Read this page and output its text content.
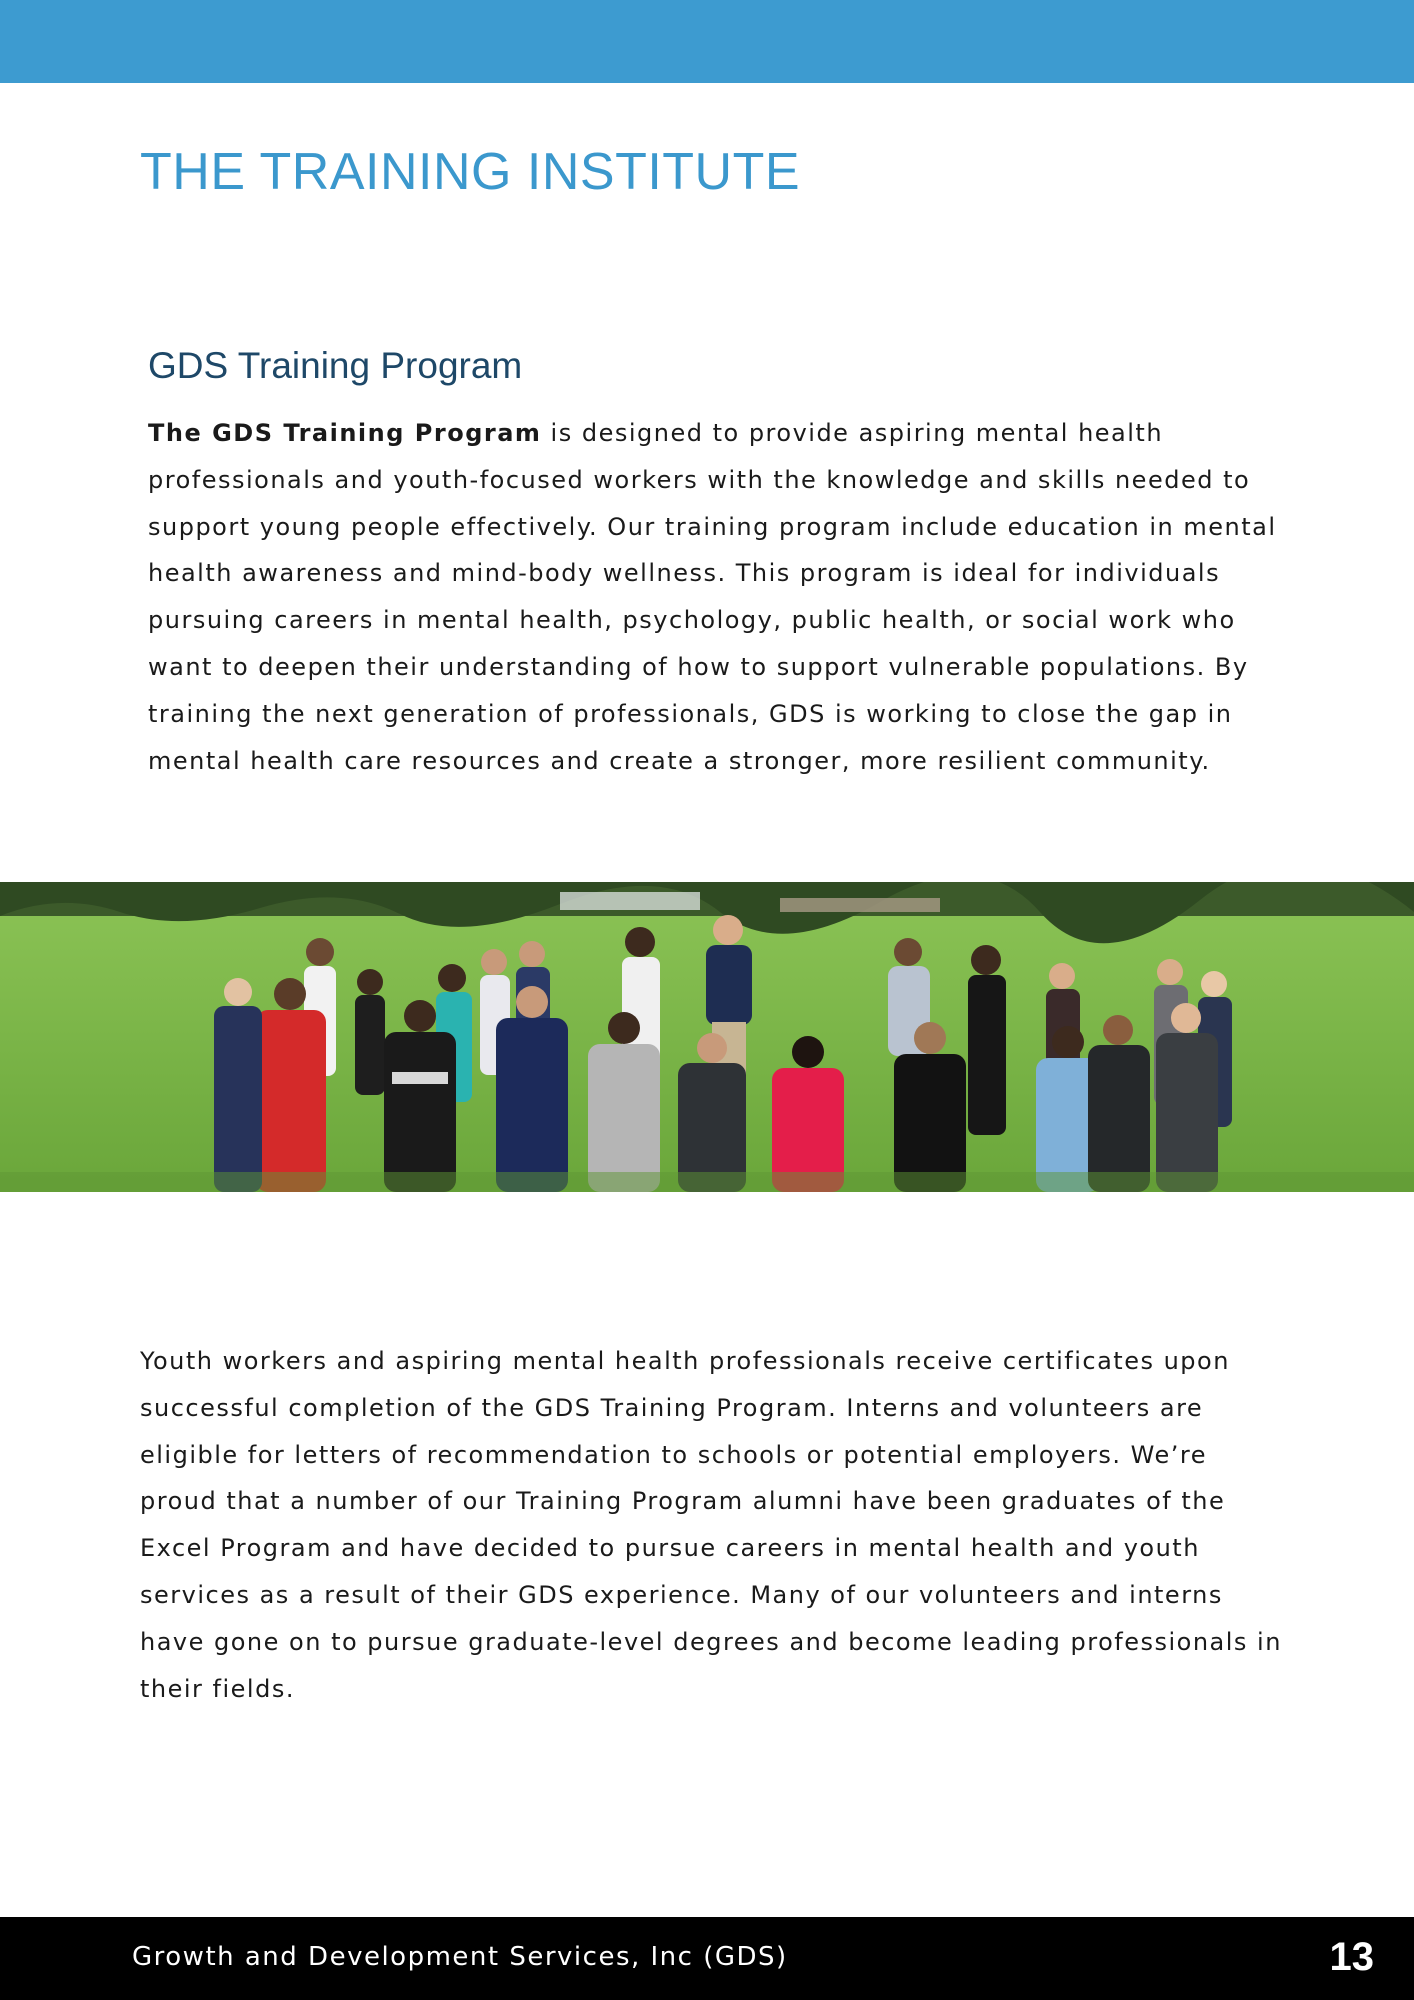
THE TRAINING INSTITUTE
GDS Training Program

The GDS Training Program is designed to provide aspiring mental health professionals and youth-focused workers with the knowledge and skills needed to support young people effectively. Our training program include education in mental health awareness and mind-body wellness. This program is ideal for individuals pursuing careers in mental health, psychology, public health, or social work who want to deepen their understanding of how to support vulnerable populations. By training the next generation of professionals, GDS is working to close the gap in mental health care resources and create a stronger, more resilient community.

Youth workers and aspiring mental health professionals receive certificates upon successful completion of the GDS Training Program. Interns and volunteers are eligible for letters of recommendation to schools or potential employers. We’re proud that a number of our Training Program alumni have been graduates of the Excel Program and have decided to pursue careers in mental health and youth services as a result of their GDS experience. Many of our volunteers and interns have gone on to pursue graduate-level degrees and become leading professionals in their fields.

Growth and Development Services, Inc (GDS)	13
